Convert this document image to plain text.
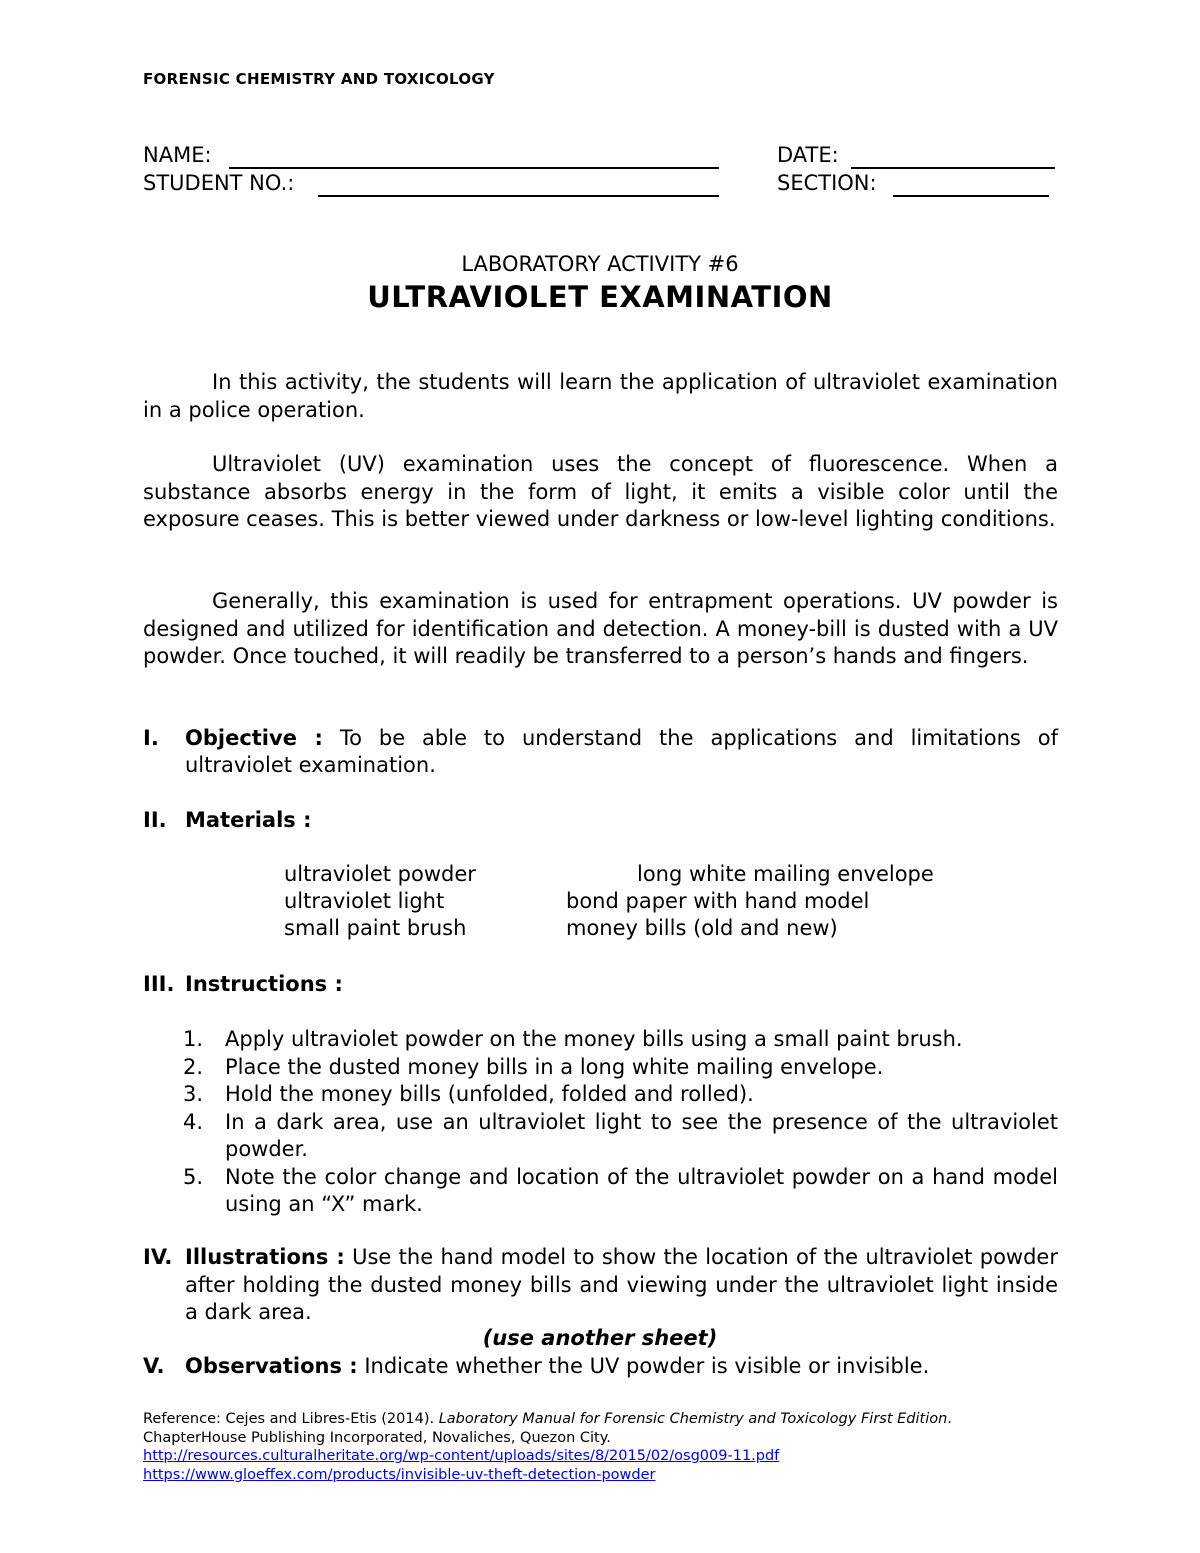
FORENSIC CHEMISTRY AND TOXICOLOGY
NAME:	DATE:
STUDENT NO.:	SECTION:
LABORATORY ACTIVITY #6
ULTRAVIOLET EXAMINATION
In this activity, the students will learn the application of ultraviolet examination in a police operation.
Ultraviolet (UV) examination uses the concept of fluorescence. When a substance absorbs energy in the form of light, it emits a visible color until the exposure ceases. This is better viewed under darkness or low-level lighting conditions.
Generally, this examination is used for entrapment operations. UV powder is designed and utilized for identification and detection. A money-bill is dusted with a UV powder. Once touched, it will readily be transferred to a person’s hands and fingers.
I. Objective : To be able to understand the applications and limitations of ultraviolet examination.
II. Materials :
ultraviolet powder
ultraviolet light
small paint brush
long white mailing envelope
bond paper with hand model
money bills (old and new)
III. Instructions :
1. Apply ultraviolet powder on the money bills using a small paint brush.
2. Place the dusted money bills in a long white mailing envelope.
3. Hold the money bills (unfolded, folded and rolled).
4. In a dark area, use an ultraviolet light to see the presence of the ultraviolet powder.
5. Note the color change and location of the ultraviolet powder on a hand model using an “X” mark.
IV. Illustrations : Use the hand model to show the location of the ultraviolet powder after holding the dusted money bills and viewing under the ultraviolet light inside a dark area.
(use another sheet)
V. Observations : Indicate whether the UV powder is visible or invisible.
Reference: Cejes and Libres-Etis (2014). Laboratory Manual for Forensic Chemistry and Toxicology First Edition.
ChapterHouse Publishing Incorporated, Novaliches, Quezon City.
http://resources.culturalheritate.org/wp-content/uploads/sites/8/2015/02/osg009-11.pdf
https://www.gloeffex.com/products/invisible-uv-theft-detection-powder
